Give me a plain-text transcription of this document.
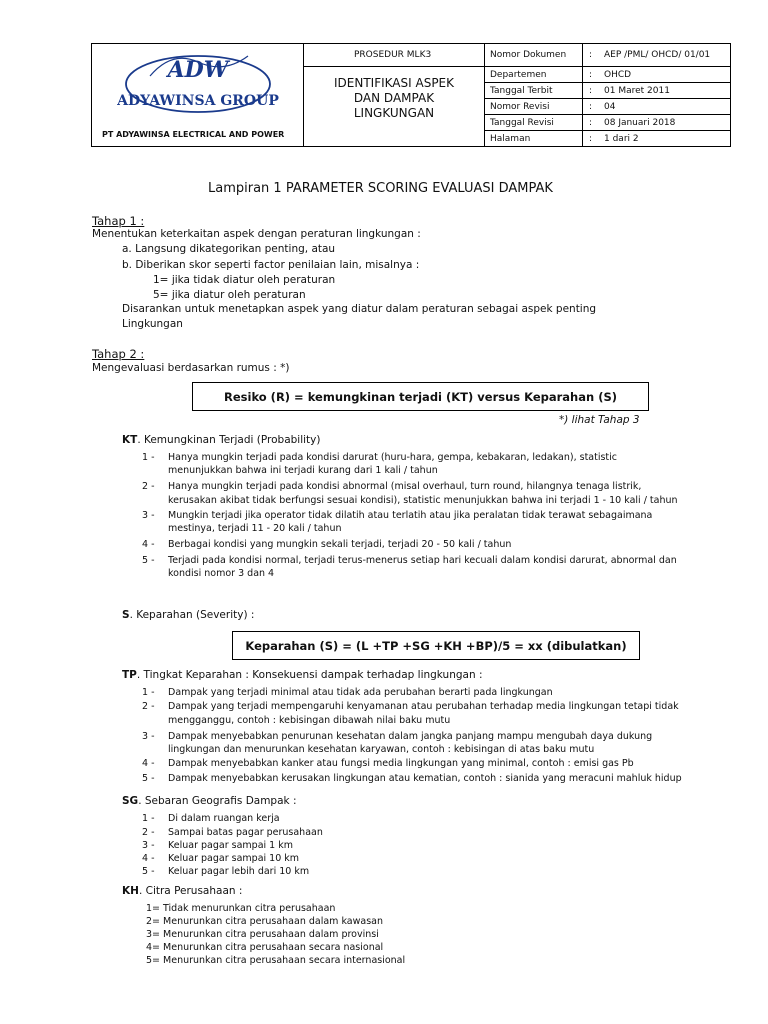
ADW
ADYAWINSA GROUP
PT ADYAWINSA ELECTRICAL AND POWER
PROSEDUR MLK3
IDENTIFIKASI ASPEK
DAN DAMPAK
LINGKUNGAN
Nomor Dokumen	: AEP /PML/ OHCD/ 01/01
Departemen	: OHCD
Tanggal Terbit	: 01 Maret 2011
Nomor Revisi	: 04
Tanggal Revisi	: 08 Januari 2018
Halaman	: 1 dari 2
Lampiran 1 PARAMETER SCORING EVALUASI DAMPAK
Tahap 1 :
Menentukan keterkaitan aspek dengan peraturan lingkungan :
a. Langsung dikategorikan penting, atau
b. Diberikan skor seperti factor penilaian lain, misalnya :
1= jika tidak diatur oleh peraturan
5= jika diatur oleh peraturan
Disarankan untuk menetapkan aspek yang diatur dalam peraturan sebagai aspek penting
Lingkungan
Tahap 2 :
Mengevaluasi berdasarkan rumus : *)
Resiko (R) = kemungkinan terjadi (KT) versus Keparahan (S)
*) lihat Tahap 3
KT. Kemungkinan Terjadi (Probability)
1 - Hanya mungkin terjadi pada kondisi darurat (huru-hara, gempa, kebakaran, ledakan), statistic
menunjukkan bahwa ini terjadi kurang dari 1 kali / tahun
2 - Hanya mungkin terjadi pada kondisi abnormal (misal overhaul, turn round, hilangnya tenaga listrik,
kerusakan akibat tidak berfungsi sesuai kondisi), statistic menunjukkan bahwa ini terjadi 1 - 10 kali / tahun
3 - Mungkin terjadi jika operator tidak dilatih atau terlatih atau jika peralatan tidak terawat sebagaimana
mestinya, terjadi 11 - 20 kali / tahun
4 - Berbagai kondisi yang mungkin sekali terjadi, terjadi 20 - 50 kali / tahun
5 - Terjadi pada kondisi normal, terjadi terus-menerus setiap hari kecuali dalam kondisi darurat, abnormal dan
kondisi nomor 3 dan 4
S. Keparahan (Severity) :
Keparahan (S) = (L +TP +SG +KH +BP)/5 = xx (dibulatkan)
TP. Tingkat Keparahan : Konsekuensi dampak terhadap lingkungan :
1 - Dampak yang terjadi minimal atau tidak ada perubahan berarti pada lingkungan
2 - Dampak yang terjadi mempengaruhi kenyamanan atau perubahan terhadap media lingkungan tetapi tidak
mengganggu, contoh : kebisingan dibawah nilai baku mutu
3 - Dampak menyebabkan penurunan kesehatan dalam jangka panjang mampu mengubah daya dukung
lingkungan dan menurunkan kesehatan karyawan, contoh : kebisingan di atas baku mutu
4 - Dampak menyebabkan kanker atau fungsi media lingkungan yang minimal, contoh : emisi gas Pb
5 - Dampak menyebabkan kerusakan lingkungan atau kematian, contoh : sianida yang meracuni mahluk hidup
SG. Sebaran Geografis Dampak :
1 - Di dalam ruangan kerja
2 - Sampai batas pagar perusahaan
3 - Keluar pagar sampai 1 km
4 - Keluar pagar sampai 10 km
5 - Keluar pagar lebih dari 10 km
KH. Citra Perusahaan :
1= Tidak menurunkan citra perusahaan
2= Menurunkan citra perusahaan dalam kawasan
3= Menurunkan citra perusahaan dalam provinsi
4= Menurunkan citra perusahaan secara nasional
5= Menurunkan citra perusahaan secara internasional
